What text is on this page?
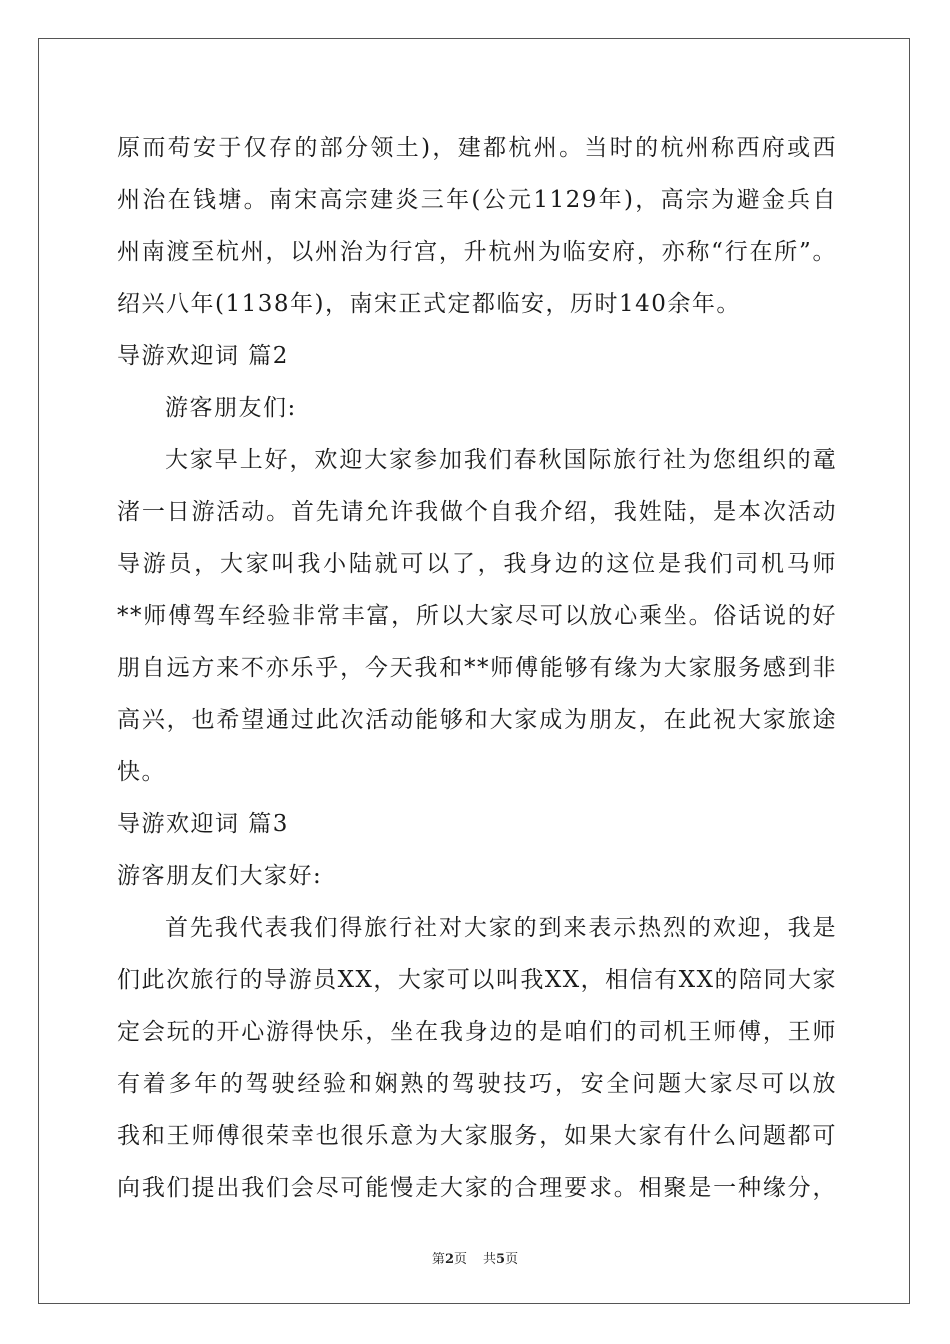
原而苟安于仅存的部分领土)，建都杭州。当时的杭州称西府或西
州治在钱塘。南宋高宗建炎三年(公元1129年)，高宗为避金兵自
州南渡至杭州，以州治为行宫，升杭州为临安府，亦称“行在所”。
绍兴八年(1138年)，南宋正式定都临安，历时140余年。
导游欢迎词 篇2
游客朋友们:
大家早上好，欢迎大家参加我们春秋国际旅行社为您组织的鼋
渚一日游活动。首先请允许我做个自我介绍，我姓陆，是本次活动
导游员，大家叫我小陆就可以了，我身边的这位是我们司机马师
**师傅驾车经验非常丰富，所以大家尽可以放心乘坐。俗话说的好
朋自远方来不亦乐乎，今天我和**师傅能够有缘为大家服务感到非
高兴，也希望通过此次活动能够和大家成为朋友，在此祝大家旅途
快。
导游欢迎词 篇3
游客朋友们大家好:
首先我代表我们得旅行社对大家的到来表示热烈的欢迎，我是
们此次旅行的导游员XX，大家可以叫我XX，相信有XX的陪同大家
定会玩的开心游得快乐，坐在我身边的是咱们的司机王师傅，王师
有着多年的驾驶经验和娴熟的驾驶技巧，安全问题大家尽可以放
我和王师傅很荣幸也很乐意为大家服务，如果大家有什么问题都可
向我们提出我们会尽可能慢走大家的合理要求。相聚是一种缘分，
第2页 共5页
